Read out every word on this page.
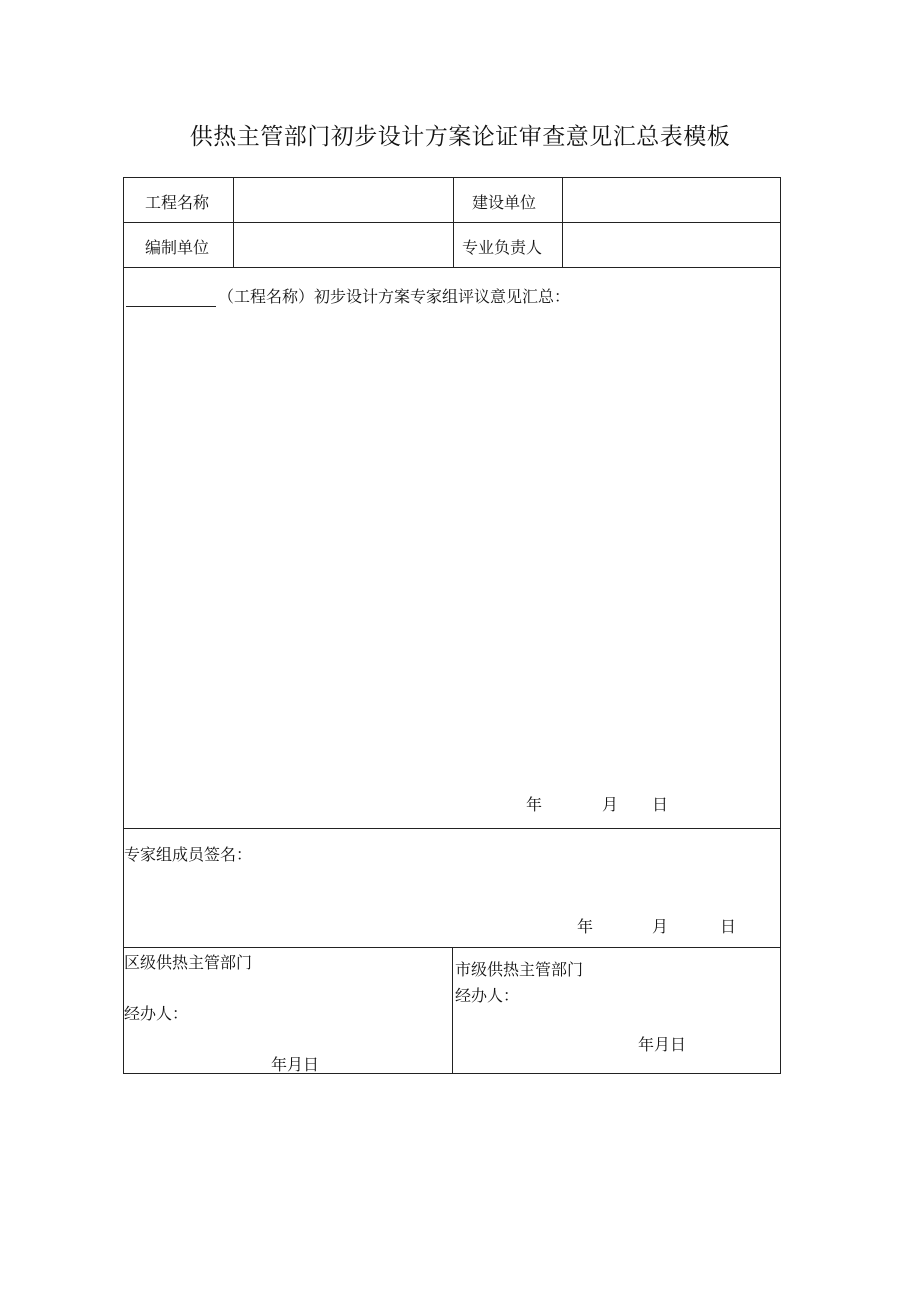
供热主管部门初步设计方案论证审查意见汇总表模板
工程名称	建设单位
编制单位	专业负责人
（工程名称）初步设计方案专家组评议意见汇总：
年	月 日
专家组成员签名：
年	月	日
区级供热主管部门
经办人：
年月日
市级供热主管部门
经办人：
年月日
